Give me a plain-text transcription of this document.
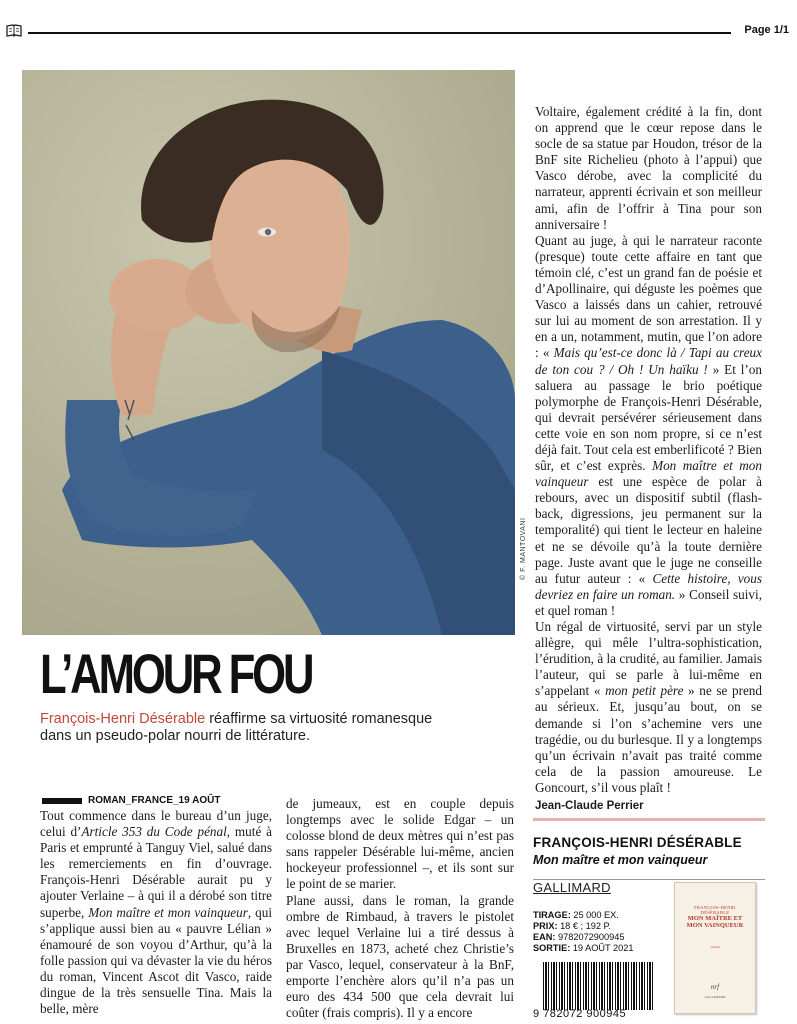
Page 1/1
© F. MANTOVANI
L’AMOUR FOU
François-Henri Désérable réaffirme sa virtuosité romanesque dans un pseudo-polar nourri de littérature.
ROMAN_FRANCE_19 AOÛT

Tout commence dans le bureau d’un juge, celui d’Article 353 du Code pénal, muté à Paris et emprunté à Tanguy Viel, salué dans les remerciements en fin d’ouvrage. François-Henri Désérable aurait pu y ajouter Verlaine – à qui il a dérobé son titre superbe, Mon maître et mon vainqueur, qui s’applique aussi bien au « pauvre Lélian » énamouré de son voyou d’Arthur, qu’à la folle passion qui va dévaster la vie du héros du roman, Vincent Ascot dit Vasco, raide dingue de la très sensuelle Tina. Mais la belle, mère

de jumeaux, est en couple depuis longtemps avec le solide Edgar – un colosse blond de deux mètres qui n’est pas sans rappeler Désérable lui-même, ancien hockeyeur professionnel –, et ils sont sur le point de se marier.

Plane aussi, dans le roman, la grande ombre de Rimbaud, à travers le pistolet avec lequel Verlaine lui a tiré dessus à Bruxelles en 1873, acheté chez Christie’s par Vasco, lequel, conservateur à la BnF, emporte l’enchère alors qu’il n’a pas un euro des 434 500 que cela devrait lui coûter (frais compris). Il y a encore

Voltaire, également crédité à la fin, dont on apprend que le cœur repose dans le socle de sa statue par Houdon, trésor de la BnF site Richelieu (photo à l’appui) que Vasco dérobe, avec la complicité du narrateur, apprenti écrivain et son meilleur ami, afin de l’offrir à Tina pour son anniversaire !

Quant au juge, à qui le narrateur raconte (presque) toute cette affaire en tant que témoin clé, c’est un grand fan de poésie et d’Apollinaire, qui déguste les poèmes que Vasco a laissés dans un cahier, retrouvé sur lui au moment de son arrestation. Il y en a un, notamment, mutin, que l’on adore : « Mais qu’est-ce donc là / Tapi au creux de ton cou ? / Oh ! Un haïku ! » Et l’on saluera au passage le brio poétique polymorphe de François-Henri Désérable, qui devrait persévérer sérieusement dans cette voie en son nom propre, si ce n’est déjà fait. Tout cela est emberlificoté ? Bien sûr, et c’est exprès. Mon maître et mon vainqueur est une espèce de polar à rebours, avec un dispositif subtil (flash-back, digressions, jeu permanent sur la temporalité) qui tient le lecteur en haleine et ne se dévoile qu’à la toute dernière page. Juste avant que le juge ne conseille au futur auteur : « Cette histoire, vous devriez en faire un roman. » Conseil suivi, et quel roman !

Un régal de virtuosité, servi par un style allègre, qui mêle l’ultra-sophistication, l’érudition, à la crudité, au familier. Jamais l’auteur, qui se parle à lui-même en s’appelant « mon petit père » ne se prend au sérieux. Et, jusqu’au bout, on se demande si l’on s’achemine vers une tragédie, ou du burlesque. Il y a longtemps qu’un écrivain n’avait pas traité comme cela de la passion amoureuse. Le Goncourt, s’il vous plaît !

Jean-Claude Perrier
FRANÇOIS-HENRI DÉSÉRABLE
Mon maître et mon vainqueur
GALLIMARD
TIRAGE: 25 000 EX.
PRIX: 18 € ; 192 P.
EAN: 9782072900945
SORTIE: 19 AOÛT 2021
9 782072 900945
FRANÇOIS-HENRI DÉSÉRABLE
MON MAÎTRE ET MON VAINQUEUR
roman
nrf
GALLIMARD
